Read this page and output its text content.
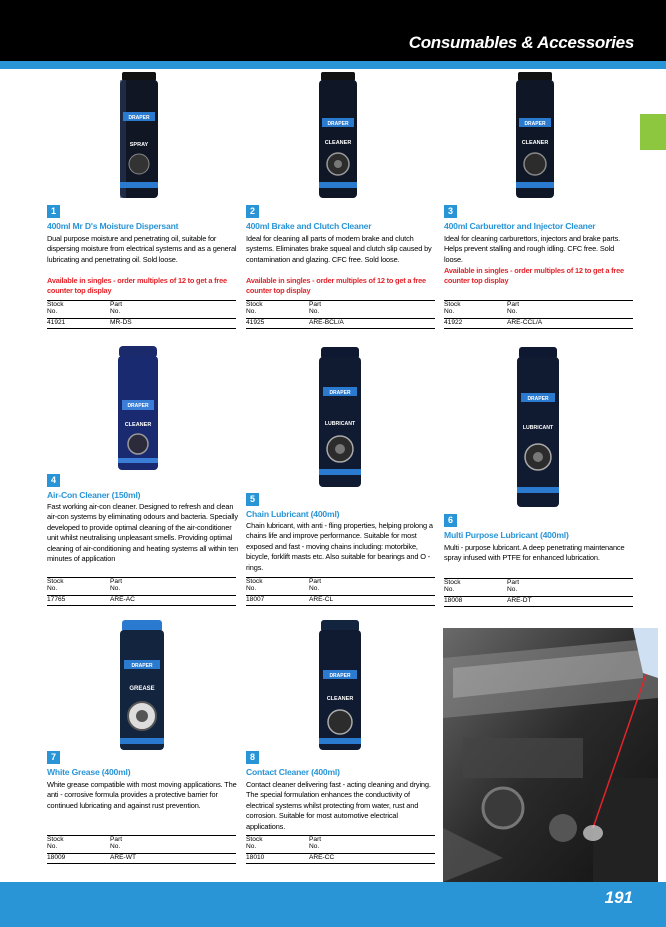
Consumables & Accessories
DRAPER
SPRAY
1
400ml Mr D's Moisture Dispersant
Dual purpose moisture and penetrating oil, suitable for dispersing moisture from electrical systems and as a general lubricating and penetrating oil. Sold loose.
Available in singles - order multiples of 12 to get a free counter top display
Stock
No.
Part
No.
41921	MR-DS
DRAPER
CLEANER
2
400ml Brake and Clutch Cleaner
Ideal for cleaning all parts of modern brake and clutch systems. Eliminates brake squeal and clutch slip caused by contamination and glazing. CFC free. Sold loose.
Available in singles - order multiples of 12 to get a free counter top display
Stock
No.
Part
No.
41925	ARE-BCL/A
DRAPER
CLEANER
3
400ml Carburettor and Injector Cleaner
Ideal for cleaning carburettors, injectors and brake parts. Helps prevent stalling and rough idling. CFC free. Sold loose.
Available in singles - order multiples of 12 to get a free counter top display
Stock
No.
Part
No.
41922	ARE-CCL/A
DRAPER
CLEANER
4
Air-Con Cleaner (150ml)
Fast working air-con cleaner. Designed to refresh and clean air-con systems by eliminating odours and bacteria. Specially developed to provide optimal cleaning of the air-conditioner unit whilst neutralising unpleasant smells. Providing optimal cleaning of air-conditioning and heating systems all within ten minutes of application
Stock
No.
Part
No.
17765	ARE-AC
DRAPER
LUBRICANT
5
Chain Lubricant (400ml)
Chain lubricant, with anti - fling properties, helping prolong a chains life and improve performance. Suitable for most exposed and fast - moving chains including: motorbike, bicycle, forklift masts etc. Also suitable for bearings and O - rings.
Stock
No.
Part
No.
18007	ARE-CL
DRAPER
LUBRICANT
6
Multi Purpose Lubricant (400ml)
Multi - purpose lubricant. A deep penetrating maintenance spray infused with PTFE for enhanced lubrication.
Stock
No.
Part
No.
18008	ARE-DT
DRAPER
GREASE
7
White Grease (400ml)
White grease compatible with most moving applications. The anti - corrosive formula provides a protective barrier for continued lubricating and against rust prevention.
Stock
No.
Part
No.
18009	ARE-WT
DRAPER
CLEANER
8
Contact Cleaner (400ml)
Contact cleaner delivering fast - acting cleaning and drying. The special formulation enhances the conductivity of electrical systems whilst protecting from water, rust and corrosion. Suitable for most automotive electrical applications.
Stock
No.
Part
No.
18010	ARE-CC
191
